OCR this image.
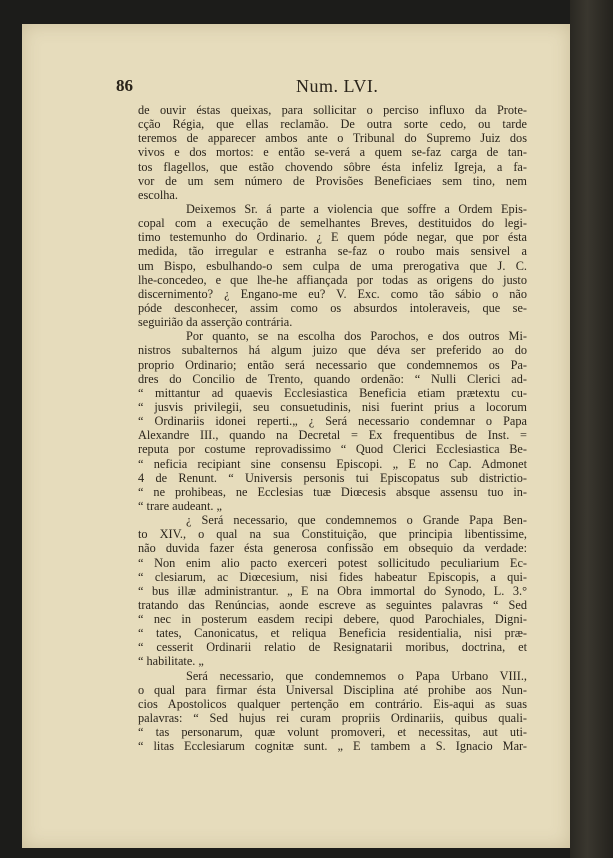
86	Num. LVI.
de ouvir éstas queixas, para sollicitar o perciso influxo da Prote-
cção Régia, que ellas reclamão. De outra sorte cedo, ou tarde
teremos de apparecer ambos ante o Tribunal do Supremo Juiz dos
vivos e dos mortos: e então se-verá a quem se-faz carga de tan-
tos flagellos, que estão chovendo sôbre ésta infeliz Igreja, a fa-
vor de um sem número de Provisões Beneficiaes sem tino, nem
escolha.
Deixemos Sr. á parte a violencia que soffre a Ordem Epis-
copal com a execução de semelhantes Breves, destituidos do legi-
timo testemunho do Ordinario. ¿ E quem póde negar, que por ésta
medida, tão irregular e estranha se-faz o roubo mais sensivel a
um Bispo, esbulhando-o sem culpa de uma prerogativa que J. C.
lhe-concedeo, e que lhe-he affiançada por todas as origens do justo
discernimento? ¿ Engano-me eu? V. Exc. como tão sábio o não
póde desconhecer, assim como os absurdos intoleraveis, que se-
seguirião da asserção contrária.
Por quanto, se na escolha dos Parochos, e dos outros Mi-
nistros subalternos há algum juizo que déva ser preferido ao do
proprio Ordinario; então será necessario que condemnemos os Pa-
dres do Concilio de Trento, quando ordenão: “ Nulli Clerici ad-
“ mittantur ad quaevis Ecclesiastica Beneficia etiam prætextu cu-
“ jusvis privilegii, seu consuetudinis, nisi fuerint prius a locorum
“ Ordinariis idonei reperti.„ ¿ Será necessario condemnar o Papa
Alexandre III., quando na Decretal = Ex frequentibus de Inst. =
reputa por costume reprovadissimo “ Quod Clerici Ecclesiastica Be-
“ neficia recipiant sine consensu Episcopi. „ E no Cap. Admonet
4 de Renunt. “ Universis personis tui Episcopatus sub districtio-
“ ne prohibeas, ne Ecclesias tuæ Diœcesis absque assensu tuo in-
“ trare audeant. „
¿ Será necessario, que condemnemos o Grande Papa Ben-
to XIV., o qual na sua Constituição, que principia libentissime,
não duvida fazer ésta generosa confissão em obsequio da verdade:
“ Non enim alio pacto exerceri potest sollicitudo peculiarium Ec-
“ clesiarum, ac Diœcesium, nisi fides habeatur Episcopis, a qui-
“ bus illæ administrantur. „ E na Obra immortal do Synodo, L. 3.°
tratando das Renúncias, aonde escreve as seguintes palavras “ Sed
“ nec in posterum easdem recipi debere, quod Parochiales, Digni-
“ tates, Canonicatus, et reliqua Beneficia residentialia, nisi præ-
“ cesserit Ordinarii relatio de Resignatarii moribus, doctrina, et
“ habilitate. „
Será necessario, que condemnemos o Papa Urbano VIII.,
o qual para firmar ésta Universal Disciplina até prohibe aos Nun-
cios Apostolicos qualquer pertenção em contrário. Eis-aqui as suas
palavras: “ Sed hujus rei curam propriis Ordinariis, quibus quali-
“ tas personarum, quæ volunt promoveri, et necessitas, aut uti-
“ litas Ecclesiarum cognitæ sunt. „ E tambem a S. Ignacio Mar-
